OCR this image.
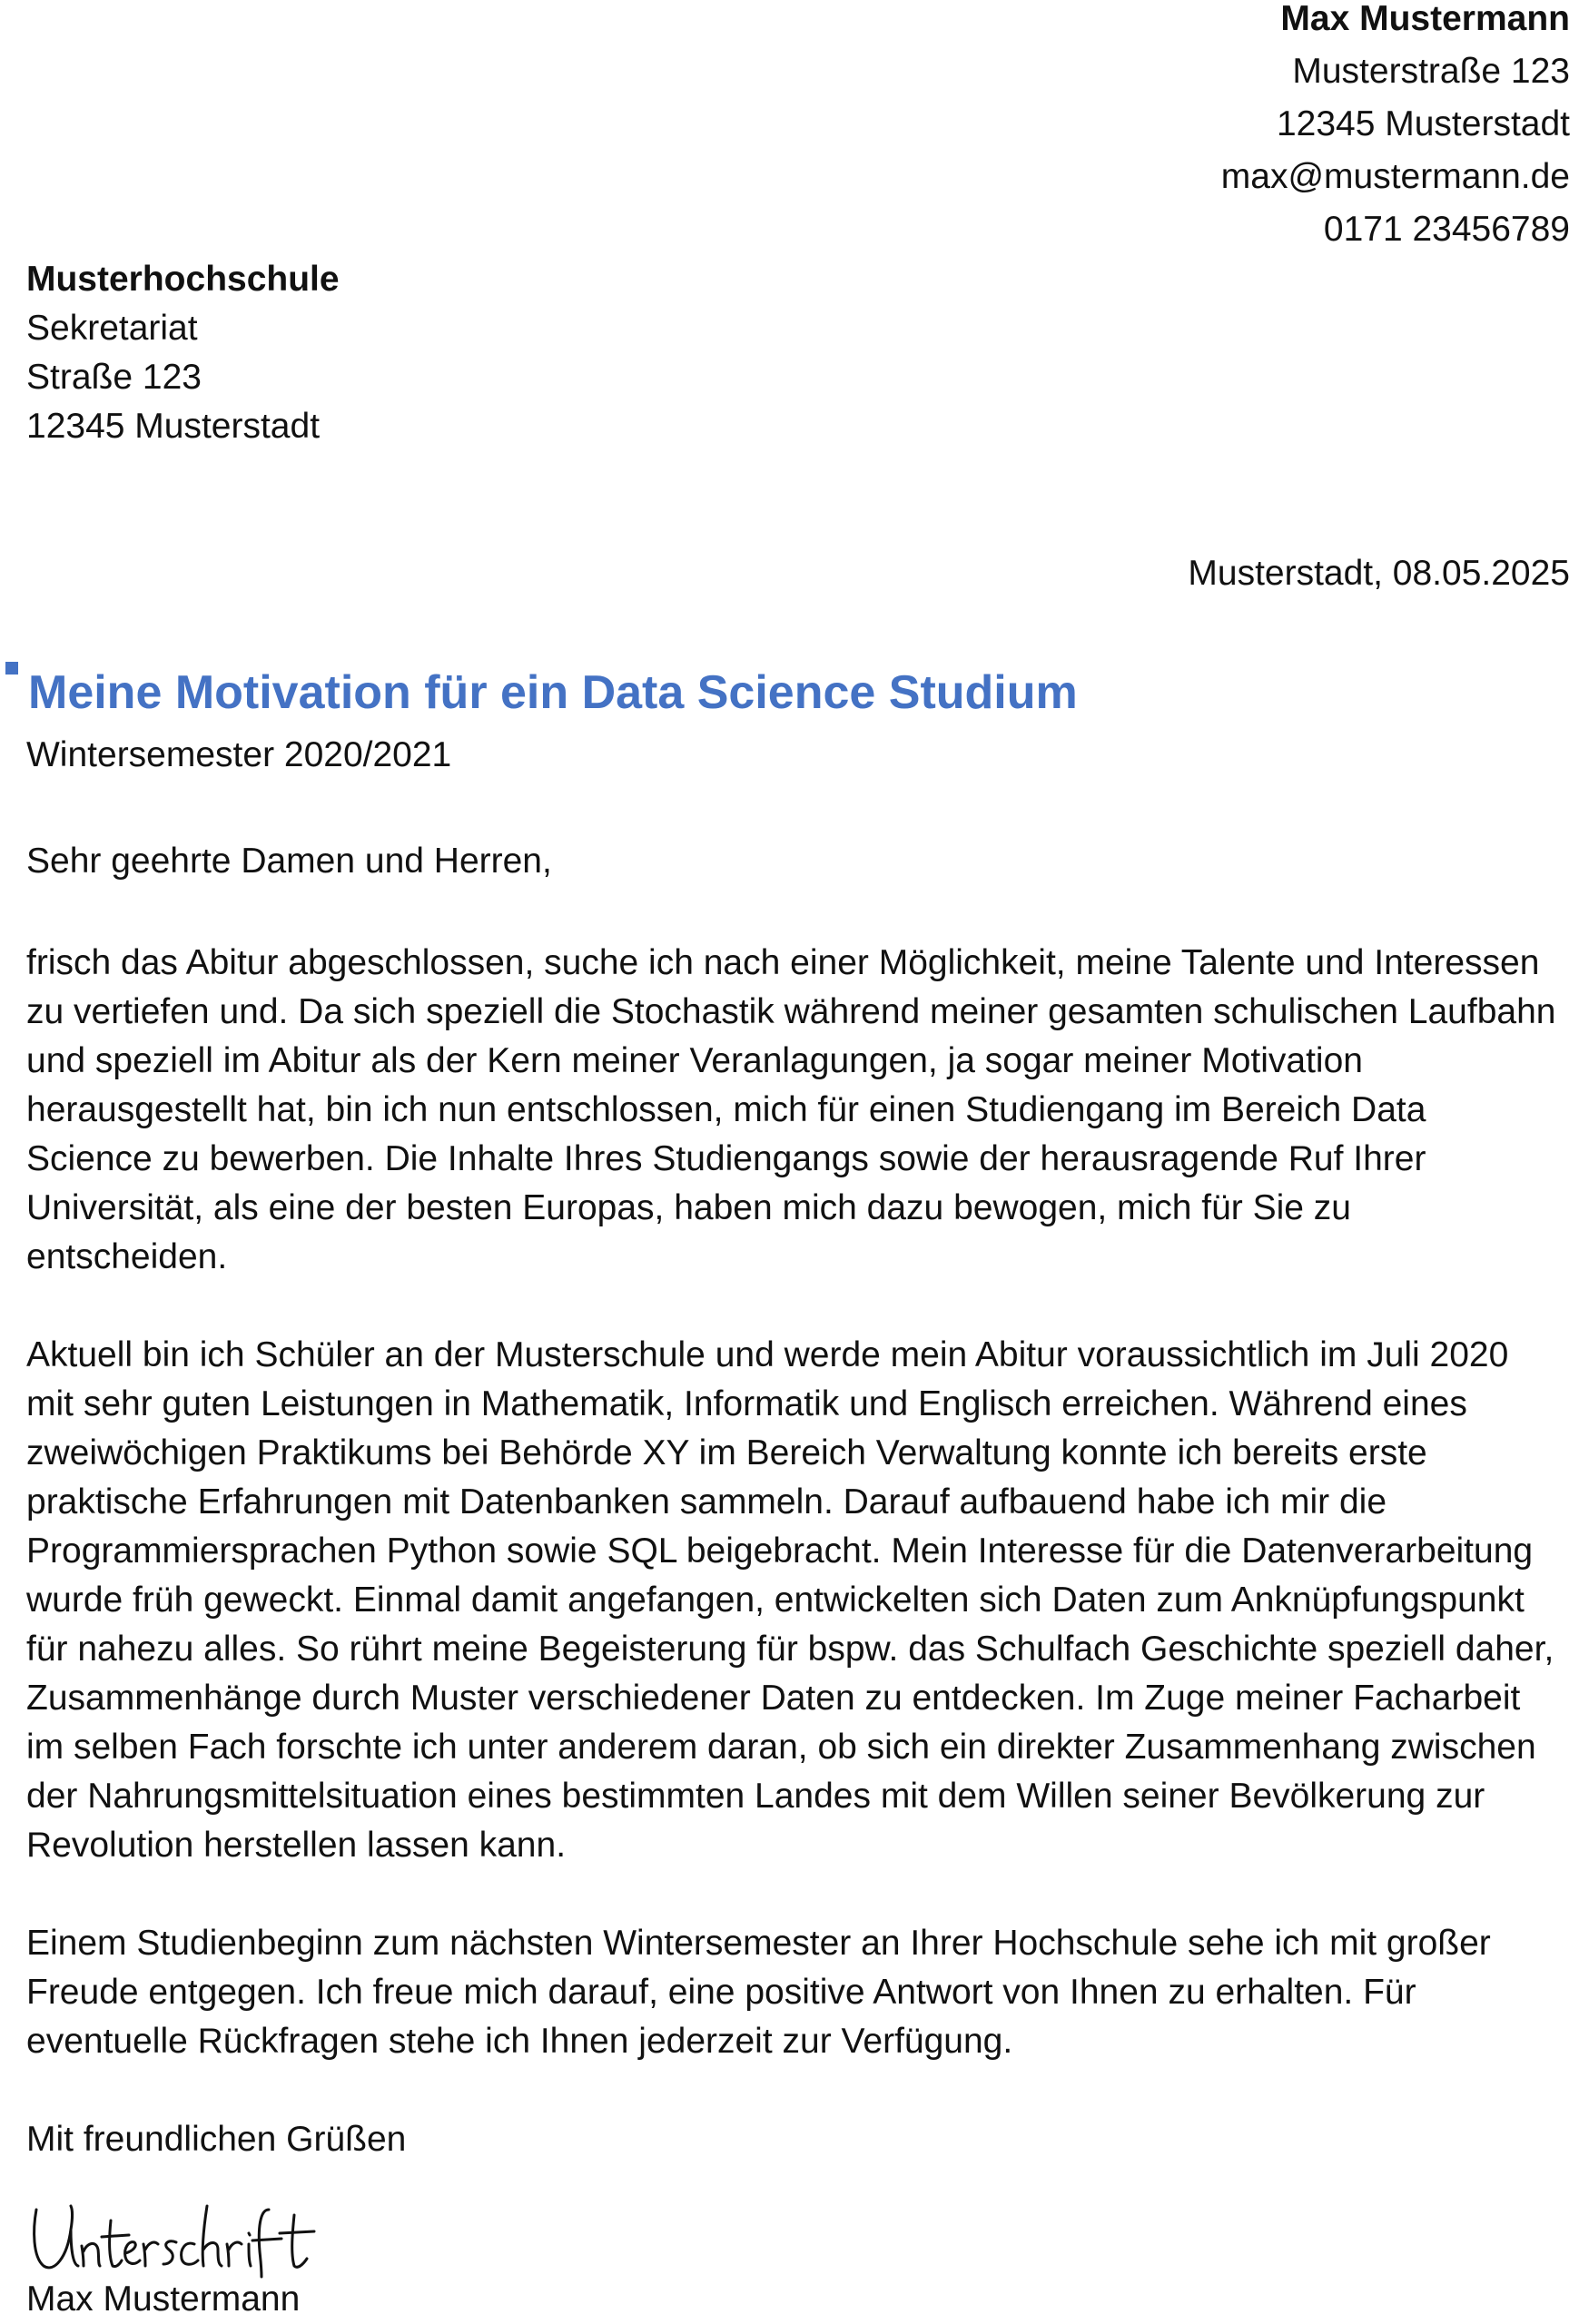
Max Mustermann
Musterstraße 123
12345 Musterstadt
max@mustermann.de
0171 23456789
Musterhochschule
Sekretariat
Straße 123
12345 Musterstadt
Musterstadt, 08.05.2025
Meine Motivation für ein Data Science Studium
Wintersemester 2020/2021

Sehr geehrte Damen und Herren,

frisch das Abitur abgeschlossen, suche ich nach einer Möglichkeit, meine Talente und Interessen zu vertiefen und. Da sich speziell die Stochastik während meiner gesamten schulischen Laufbahn und speziell im Abitur als der Kern meiner Veranlagungen, ja sogar meiner Motivation herausgestellt hat, bin ich nun entschlossen, mich für einen Studiengang im Bereich Data Science zu bewerben. Die Inhalte Ihres Studiengangs sowie der herausragende Ruf Ihrer Universität, als eine der besten Europas, haben mich dazu bewogen, mich für Sie zu entscheiden.

Aktuell bin ich Schüler an der Musterschule und werde mein Abitur voraussichtlich im Juli 2020 mit sehr guten Leistungen in Mathematik, Informatik und Englisch erreichen. Während eines zweiwöchigen Praktikums bei Behörde XY im Bereich Verwaltung konnte ich bereits erste praktische Erfahrungen mit Datenbanken sammeln. Darauf aufbauend habe ich mir die Programmiersprachen Python sowie SQL beigebracht. Mein Interesse für die Datenverarbeitung wurde früh geweckt. Einmal damit angefangen, entwickelten sich Daten zum Anknüpfungspunkt für nahezu alles. So rührt meine Begeisterung für bspw. das Schulfach Geschichte speziell daher, Zusammenhänge durch Muster verschiedener Daten zu entdecken. Im Zuge meiner Facharbeit im selben Fach forschte ich unter anderem daran, ob sich ein direkter Zusammenhang zwischen der Nahrungsmittelsituation eines bestimmten Landes mit dem Willen seiner Bevölkerung zur Revolution herstellen lassen kann.

Einem Studienbeginn zum nächsten Wintersemester an Ihrer Hochschule sehe ich mit großer Freude entgegen. Ich freue mich darauf, eine positive Antwort von Ihnen zu erhalten. Für eventuelle Rückfragen stehe ich Ihnen jederzeit zur Verfügung.

Mit freundlichen Grüßen

Max Mustermann
